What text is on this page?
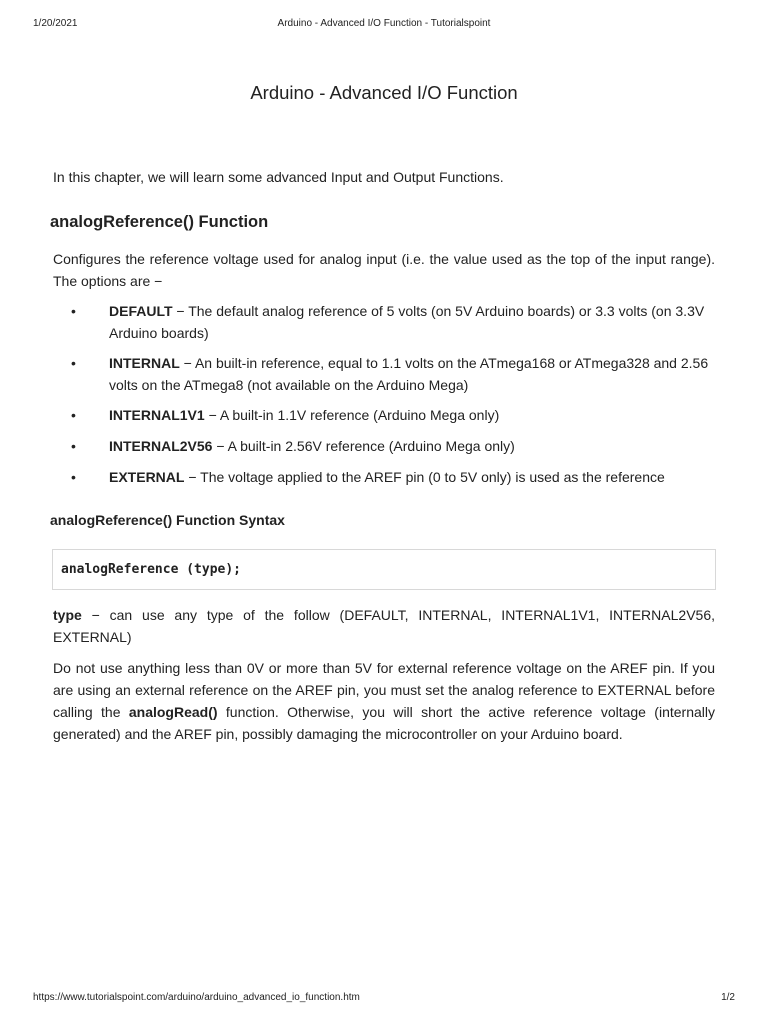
1/20/2021	Arduino - Advanced I/O Function - Tutorialspoint
Arduino - Advanced I/O Function

In this chapter, we will learn some advanced Input and Output Functions.

analogReference() Function

Configures the reference voltage used for analog input (i.e. the value used as the top of the input range). The options are −

• DEFAULT − The default analog reference of 5 volts (on 5V Arduino boards) or 3.3 volts (on 3.3V Arduino boards)
• INTERNAL − An built-in reference, equal to 1.1 volts on the ATmega168 or ATmega328 and 2.56 volts on the ATmega8 (not available on the Arduino Mega)
• INTERNAL1V1 − A built-in 1.1V reference (Arduino Mega only)
• INTERNAL2V56 − A built-in 2.56V reference (Arduino Mega only)
• EXTERNAL − The voltage applied to the AREF pin (0 to 5V only) is used as the reference
analogReference() Function Syntax
analogReference (type);

type − can use any type of the follow (DEFAULT, INTERNAL, INTERNAL1V1, INTERNAL2V56, EXTERNAL)

Do not use anything less than 0V or more than 5V for external reference voltage on the AREF pin. If you are using an external reference on the AREF pin, you must set the analog reference to EXTERNAL before calling the analogRead() function. Otherwise, you will short the active reference voltage (internally generated) and the AREF pin, possibly damaging the microcontroller on your Arduino board.

https://www.tutorialspoint.com/arduino/arduino_advanced_io_function.htm	1/2
